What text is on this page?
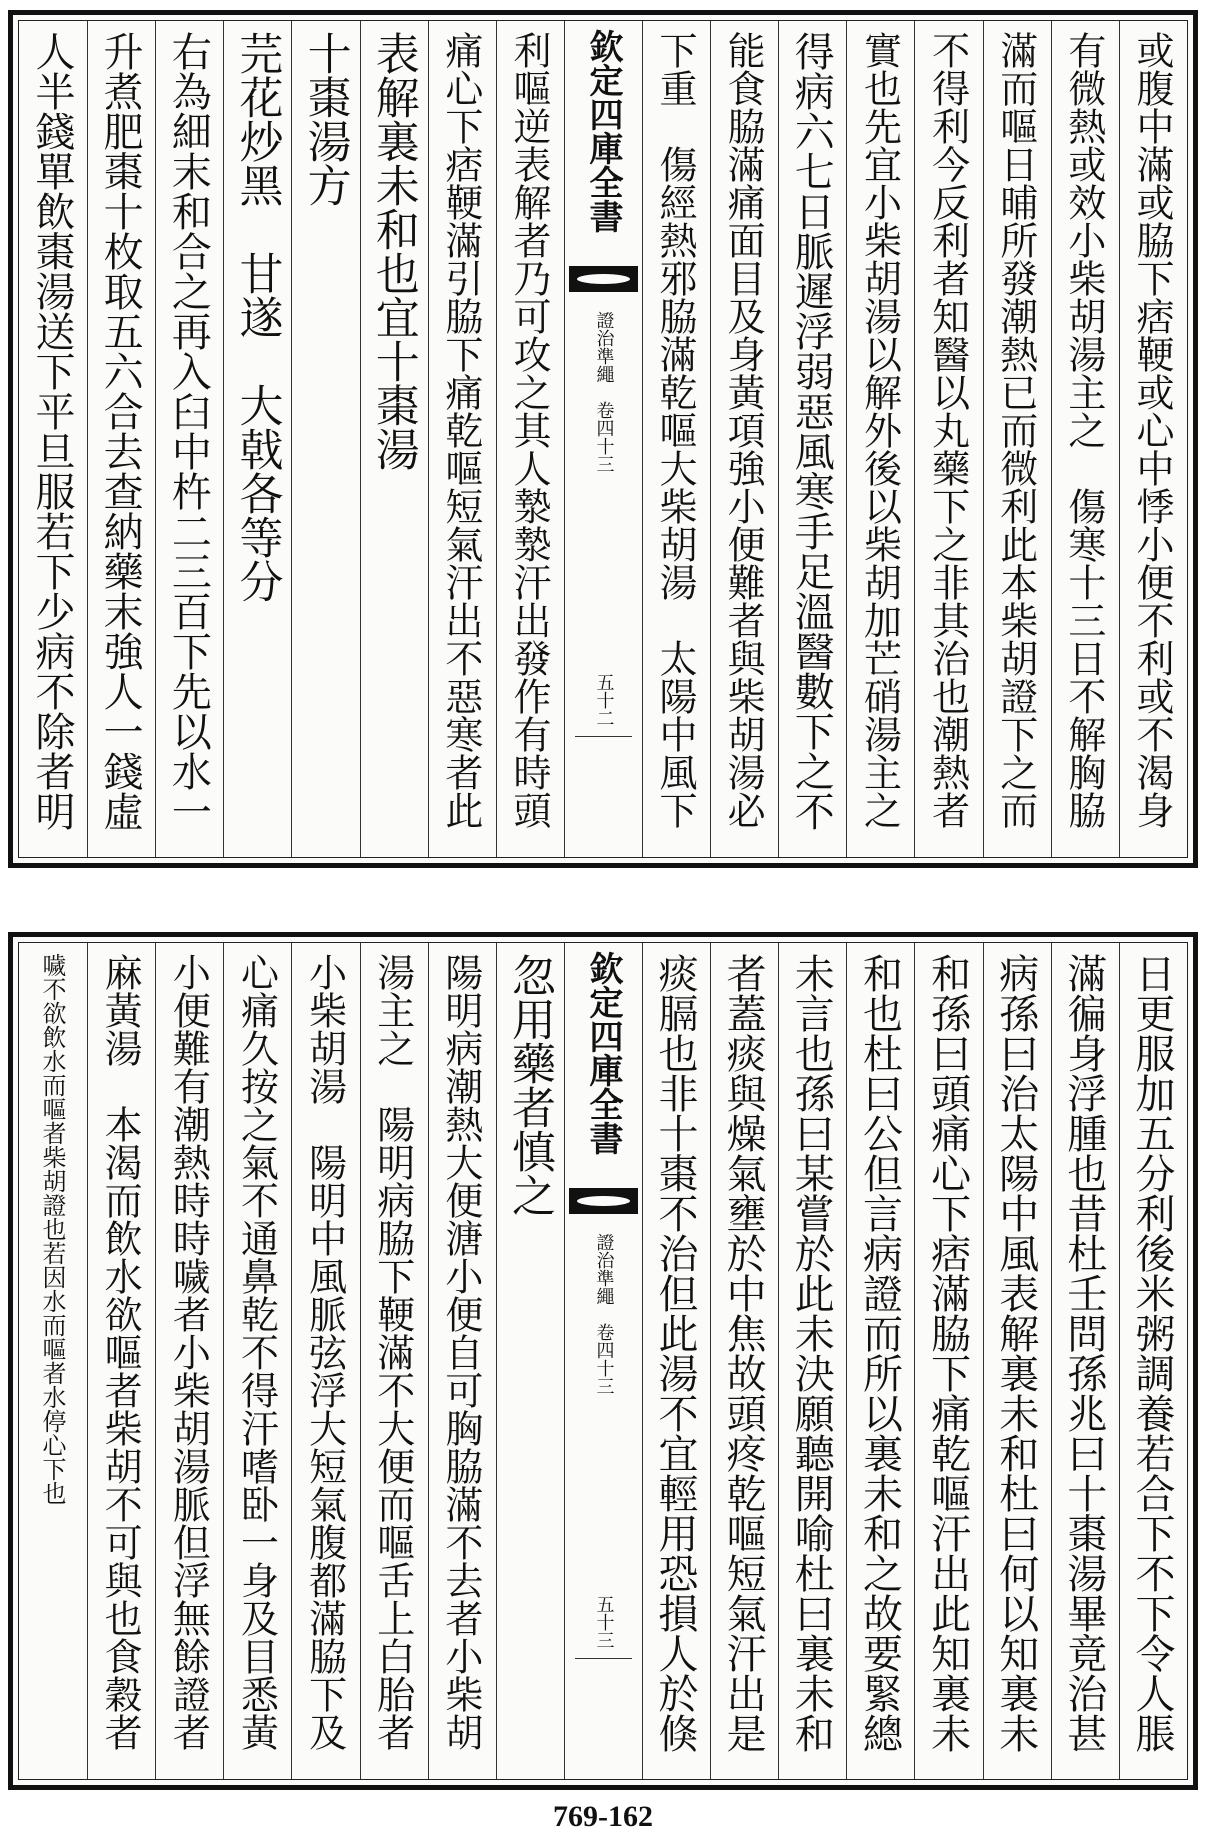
或腹中滿或脇下痞鞕或心中悸小便不利或不渴身
有微熱或效小柴胡湯主之　傷寒十三日不解胸脇
滿而嘔日晡所發潮熱已而微利此本柴胡證下之而
不得利今反利者知醫以丸藥下之非其治也潮熱者
實也先宜小柴胡湯以解外後以柴胡加芒硝湯主之
得病六七日脈遲浮弱惡風寒手足溫醫數下之不
能食脇滿痛面目及身黃項強小便難者與柴胡湯必
下重　傷經熱邪脇滿乾嘔大柴胡湯　太陽中風下
欽定四庫全書
證治準繩　卷四十三
五十二
利嘔逆表解者乃可攻之其人漐漐汗出發作有時頭
痛心下痞鞕滿引脇下痛乾嘔短氣汗出不惡寒者此
表解裏未和也宜十棗湯
十棗湯方
芫花炒黑　甘遂　大戟各等分
右為細末和合之再入臼中杵二三百下先以水一
升煮肥棗十枚取五六合去查納藥末強人一錢虛
人半錢單飲棗湯送下平旦服若下少病不除者明
日更服加五分利後米粥調養若合下不下令人脹
滿徧身浮腫也昔杜壬問孫兆曰十棗湯畢竟治甚
病孫曰治太陽中風表解裏未和杜曰何以知裏未
和孫曰頭痛心下痞滿脇下痛乾嘔汗出此知裏未
和也杜曰公但言病證而所以裏未和之故要緊總
未言也孫曰某嘗於此未決願聽開喻杜曰裏未和
者蓋痰與燥氣壅於中焦故頭疼乾嘔短氣汗出是
痰膈也非十棗不治但此湯不宜輕用恐損人於倏
欽定四庫全書
證治準繩　卷四十三
五十三
忽用藥者慎之
陽明病潮熱大便溏小便自可胸脇滿不去者小柴胡
湯主之　陽明病脇下鞕滿不大便而嘔舌上白胎者
小柴胡湯　陽明中風脈弦浮大短氣腹都滿脇下及
心痛久按之氣不通鼻乾不得汗嗜卧一身及目悉黃
小便難有潮熱時時噦者小柴胡湯脈但浮無餘證者
麻黃湯　本渴而飲水欲嘔者柴胡不可與也食穀者
噦不欲飲水而嘔者柴胡證也若因水而嘔者水停心下也
769-162
